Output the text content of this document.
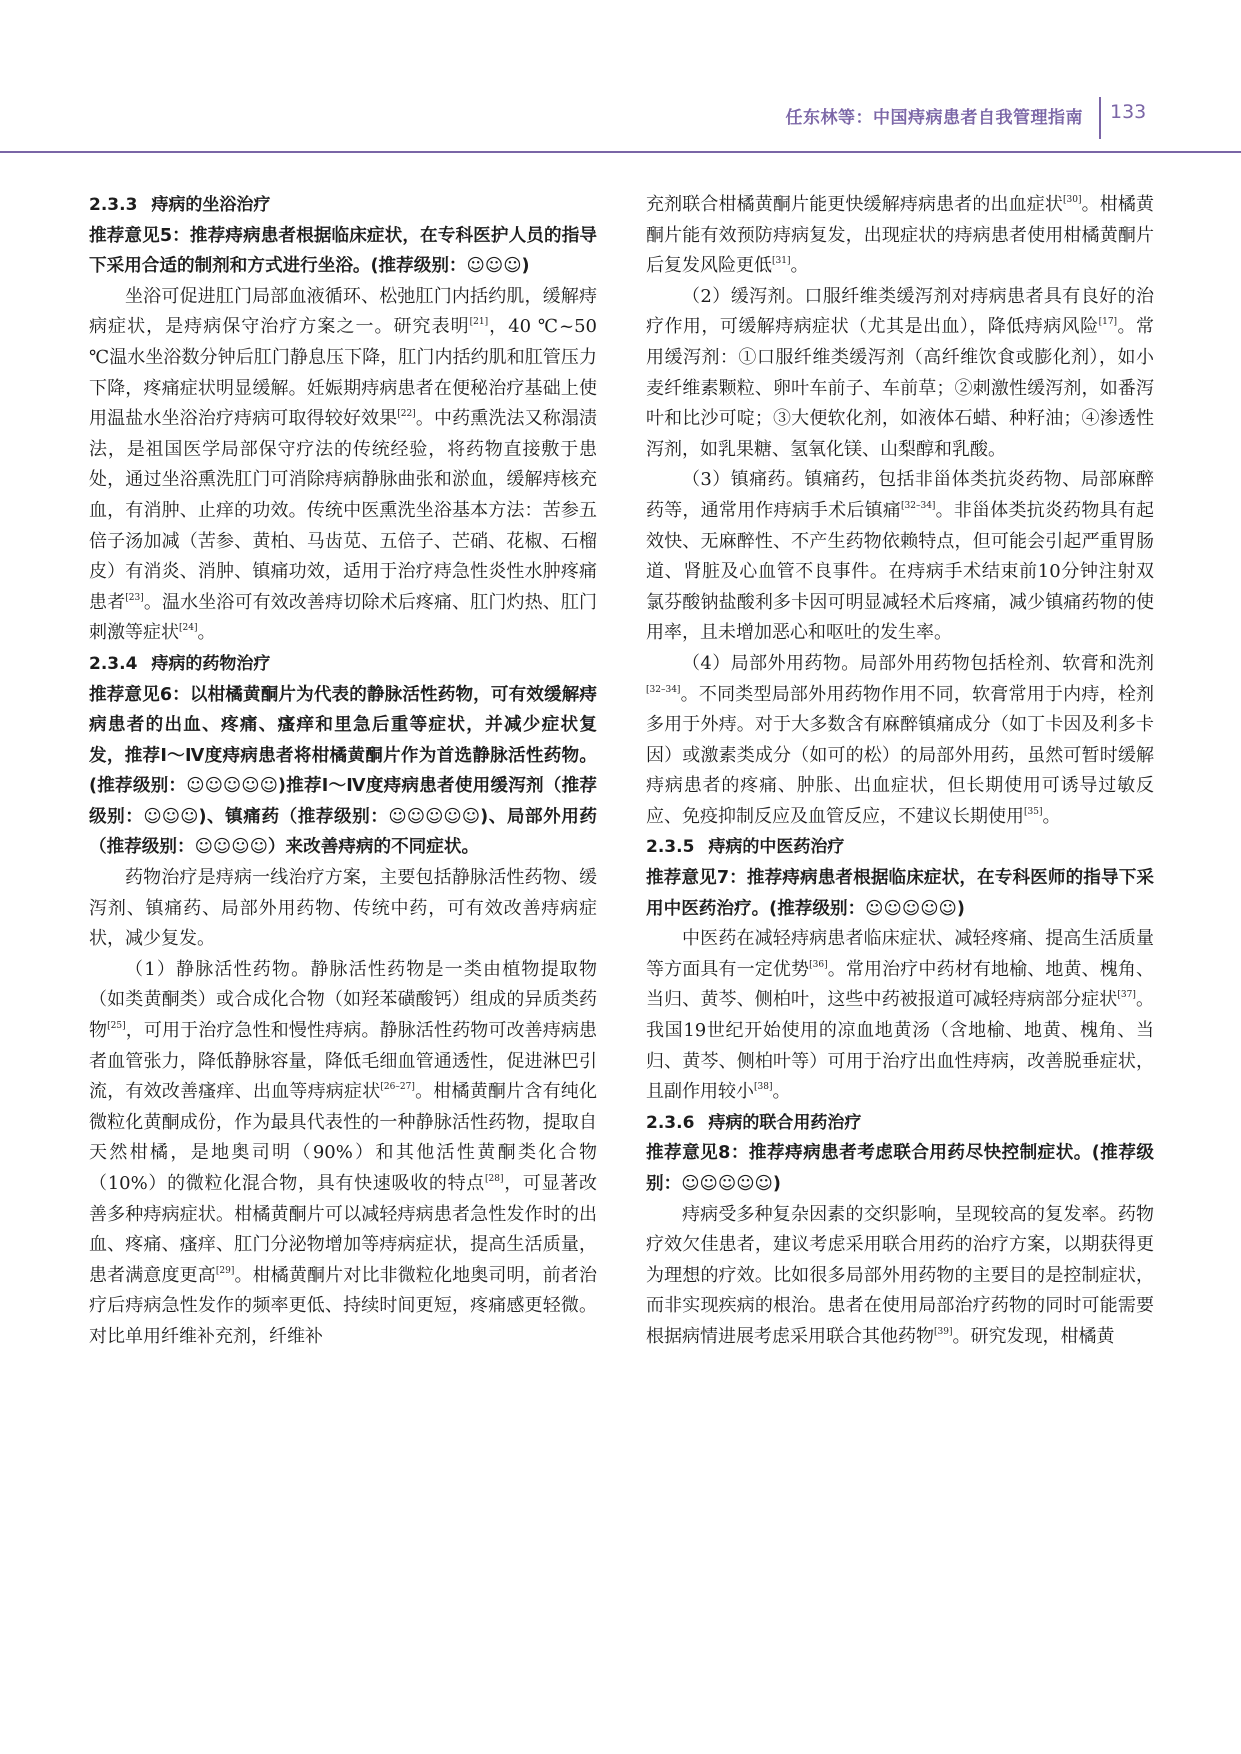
任东林等：中国痔病患者自我管理指南 133

2.3.3 痔病的坐浴治疗

推荐意见5：推荐痔病患者根据临床症状，在专科医护人员的指导下采用合适的制剂和方式进行坐浴。(推荐级别：☺☺☺)

坐浴可促进肛门局部血液循环、松弛肛门内括约肌，缓解痔病症状，是痔病保守治疗方案之一。研究表明[21]，40 ℃~50 ℃温水坐浴数分钟后肛门静息压下降，肛门内括约肌和肛管压力下降，疼痛症状明显缓解。妊娠期痔病患者在便秘治疗基础上使用温盐水坐浴治疗痔病可取得较好效果[22]。中药熏洗法又称溻渍法，是祖国医学局部保守疗法的传统经验，将药物直接敷于患处，通过坐浴熏洗肛门可消除痔病静脉曲张和淤血，缓解痔核充血，有消肿、止痒的功效。传统中医熏洗坐浴基本方法：苦参五倍子汤加减（苦参、黄柏、马齿苋、五倍子、芒硝、花椒、石榴皮）有消炎、消肿、镇痛功效，适用于治疗痔急性炎性水肿疼痛患者[23]。温水坐浴可有效改善痔切除术后疼痛、肛门灼热、肛门刺激等症状[24]。

2.3.4 痔病的药物治疗

推荐意见6：以柑橘黄酮片为代表的静脉活性药物，可有效缓解痔病患者的出血、疼痛、瘙痒和里急后重等症状，并减少症状复发，推荐Ⅰ～Ⅳ度痔病患者将柑橘黄酮片作为首选静脉活性药物。(推荐级别：☺☺☺☺☺)推荐Ⅰ～Ⅳ度痔病患者使用缓泻剂（推荐级别：☺☺☺)、镇痛药（推荐级别：☺☺☺☺☺)、局部外用药（推荐级别：☺☺☺☺）来改善痔病的不同症状。

药物治疗是痔病一线治疗方案，主要包括静脉活性药物、缓泻剂、镇痛药、局部外用药物、传统中药，可有效改善痔病症状，减少复发。

（1）静脉活性药物。静脉活性药物是一类由植物提取物（如类黄酮类）或合成化合物（如羟苯磺酸钙）组成的异质类药物[25]，可用于治疗急性和慢性痔病。静脉活性药物可改善痔病患者血管张力，降低静脉容量，降低毛细血管通透性，促进淋巴引流，有效改善瘙痒、出血等痔病症状[26–27]。柑橘黄酮片含有纯化微粒化黄酮成份，作为最具代表性的一种静脉活性药物，提取自天然柑橘，是地奥司明（90%）和其他活性黄酮类化合物（10%）的微粒化混合物，具有快速吸收的特点[28]，可显著改善多种痔病症状。柑橘黄酮片可以减轻痔病患者急性发作时的出血、疼痛、瘙痒、肛门分泌物增加等痔病症状，提高生活质量，患者满意度更高[29]。柑橘黄酮片对比非微粒化地奥司明，前者治疗后痔病急性发作的频率更低、持续时间更短，疼痛感更轻微。对比单用纤维补充剂，纤维补

充剂联合柑橘黄酮片能更快缓解痔病患者的出血症状[30]。柑橘黄酮片能有效预防痔病复发，出现症状的痔病患者使用柑橘黄酮片后复发风险更低[31]。

（2）缓泻剂。口服纤维类缓泻剂对痔病患者具有良好的治疗作用，可缓解痔病症状（尤其是出血），降低痔病风险[17]。常用缓泻剂：①口服纤维类缓泻剂（高纤维饮食或膨化剂），如小麦纤维素颗粒、卵叶车前子、车前草；②刺激性缓泻剂，如番泻叶和比沙可啶；③大便软化剂，如液体石蜡、种籽油；④渗透性泻剂，如乳果糖、氢氧化镁、山梨醇和乳酸。

（3）镇痛药。镇痛药，包括非甾体类抗炎药物、局部麻醉药等，通常用作痔病手术后镇痛[32–34]。非甾体类抗炎药物具有起效快、无麻醉性、不产生药物依赖特点，但可能会引起严重胃肠道、肾脏及心血管不良事件。在痔病手术结束前10分钟注射双氯芬酸钠盐酸利多卡因可明显减轻术后疼痛，减少镇痛药物的使用率，且未增加恶心和呕吐的发生率。

（4）局部外用药物。局部外用药物包括栓剂、软膏和洗剂[32–34]。不同类型局部外用药物作用不同，软膏常用于内痔，栓剂多用于外痔。对于大多数含有麻醉镇痛成分（如丁卡因及利多卡因）或激素类成分（如可的松）的局部外用药，虽然可暂时缓解痔病患者的疼痛、肿胀、出血症状，但长期使用可诱导过敏反应、免疫抑制反应及血管反应，不建议长期使用[35]。

2.3.5 痔病的中医药治疗

推荐意见7：推荐痔病患者根据临床症状，在专科医师的指导下采用中医药治疗。(推荐级别：☺☺☺☺☺)

中医药在减轻痔病患者临床症状、减轻疼痛、提高生活质量等方面具有一定优势[36]。常用治疗中药材有地榆、地黄、槐角、当归、黄芩、侧柏叶，这些中药被报道可减轻痔病部分症状[37]。我国19世纪开始使用的凉血地黄汤（含地榆、地黄、槐角、当归、黄芩、侧柏叶等）可用于治疗出血性痔病，改善脱垂症状，且副作用较小[38]。

2.3.6 痔病的联合用药治疗

推荐意见8：推荐痔病患者考虑联合用药尽快控制症状。(推荐级别：☺☺☺☺☺)

痔病受多种复杂因素的交织影响，呈现较高的复发率。药物疗效欠佳患者，建议考虑采用联合用药的治疗方案，以期获得更为理想的疗效。比如很多局部外用药物的主要目的是控制症状，而非实现疾病的根治。患者在使用局部治疗药物的同时可能需要根据病情进展考虑采用联合其他药物[39]。研究发现，柑橘黄
